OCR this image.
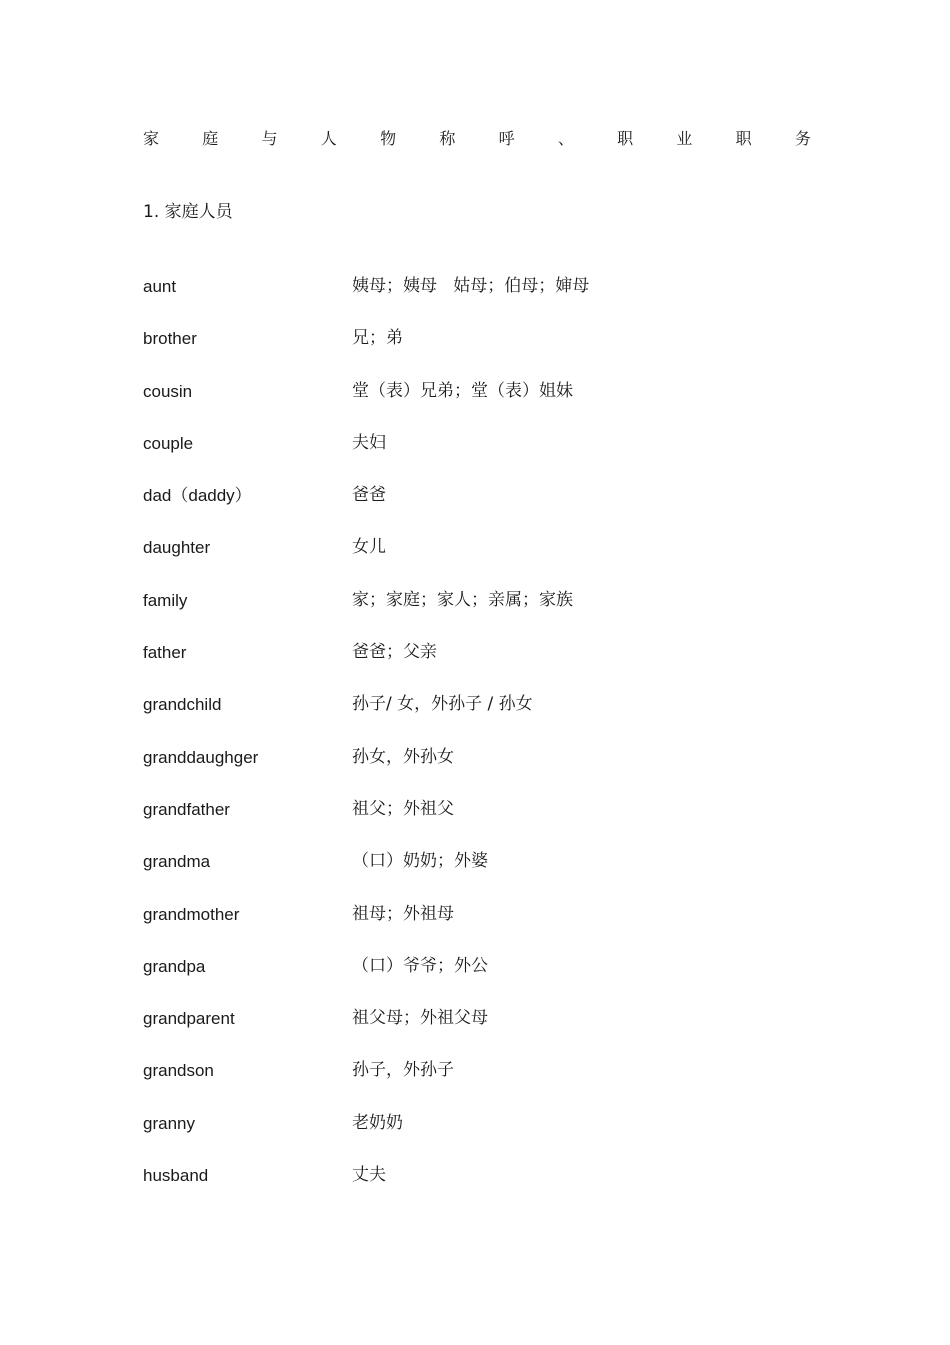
家	庭	与	人	物	称	呼	、	职	业	职	务
1. 家庭人员
aunt	姨母；姨母   姑母；伯母；婶母
brother	兄；弟
cousin	堂（表）兄弟；堂（表）姐妹
couple	夫妇
dad（daddy）	爸爸
daughter	女儿
family	家；家庭；家人；亲属；家族
father	爸爸；父亲
grandchild	孙子/ 女，外孙子 / 孙女
granddaughger	孙女，外孙女
grandfather	祖父；外祖父
grandma	（口）奶奶；外婆
grandmother	祖母；外祖母
grandpa	（口）爷爷；外公
grandparent	祖父母；外祖父母
grandson	孙子，外孙子
granny	老奶奶
husband	丈夫
